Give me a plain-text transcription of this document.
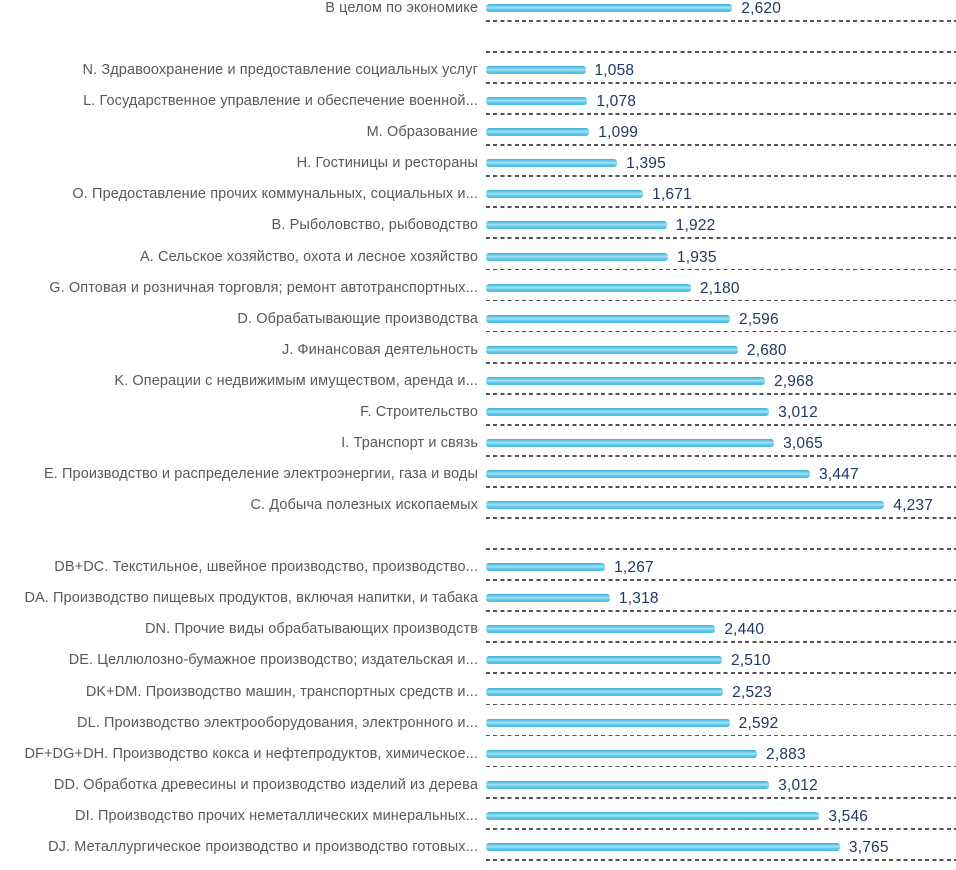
В целом по экономике	2,620
N. Здравоохранение и предоставление социальных услуг	1,058
L. Государственное управление и обеспечение военной...	1,078
M. Образование	1,099
H. Гостиницы и рестораны	1,395
O. Предоставление прочих коммунальных, социальных и...	1,671
B. Рыболовство, рыбоводство	1,922
A. Сельское хозяйство, охота и лесное хозяйство	1,935
G. Оптовая и розничная торговля; ремонт автотранспортных...	2,180
D. Обрабатывающие производства	2,596
J. Финансовая деятельность	2,680
K. Операции с недвижимым имуществом, аренда и...	2,968
F. Строительство	3,012
I. Транспорт и связь	3,065
E. Производство и распределение электроэнергии, газа и воды	3,447
C. Добыча полезных ископаемых	4,237
DB+DC. Текстильное, швейное производство, производство...	1,267
DA. Производство пищевых продуктов, включая напитки, и табака	1,318
DN. Прочие виды обрабатывающих производств	2,440
DE. Целлюлозно-бумажное производство; издательская и...	2,510
DK+DM. Производство машин, транспортных средств и...	2,523
DL. Производство электрооборудования, электронного и...	2,592
DF+DG+DH. Производство кокса и нефтепродуктов, химическое...	2,883
DD. Обработка древесины и производство изделий из дерева	3,012
DI. Производство прочих неметаллических минеральных...	3,546
DJ. Металлургическое производство и производство готовых...	3,765
